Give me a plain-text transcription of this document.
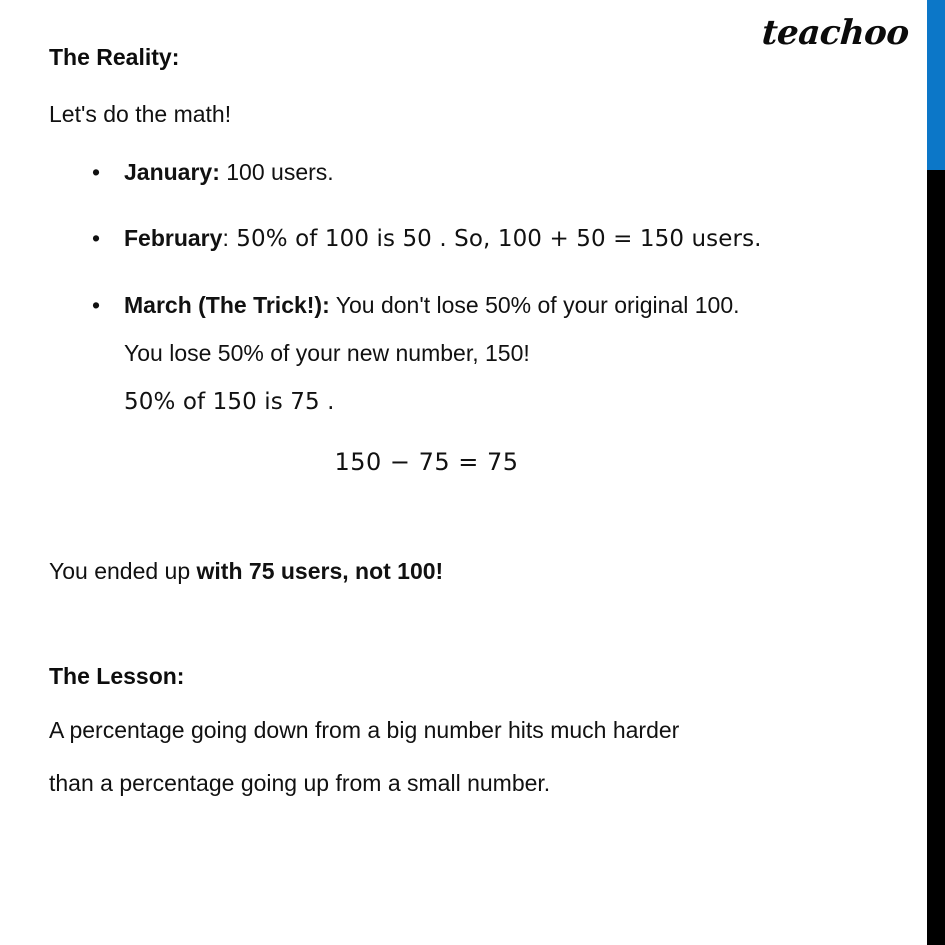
teachoo
The Reality:
Let's do the math!
• January: 100 users.
• February: 50% of 100 is 50 . So, 100 + 50 = 150 users.
• March (The Trick!): You don't lose 50% of your original 100.
You lose 50% of your new number, 150!
50% of 150 is 75 .
150 − 75 = 75
You ended up with 75 users, not 100!
The Lesson:
A percentage going down from a big number hits much harder
than a percentage going up from a small number.
